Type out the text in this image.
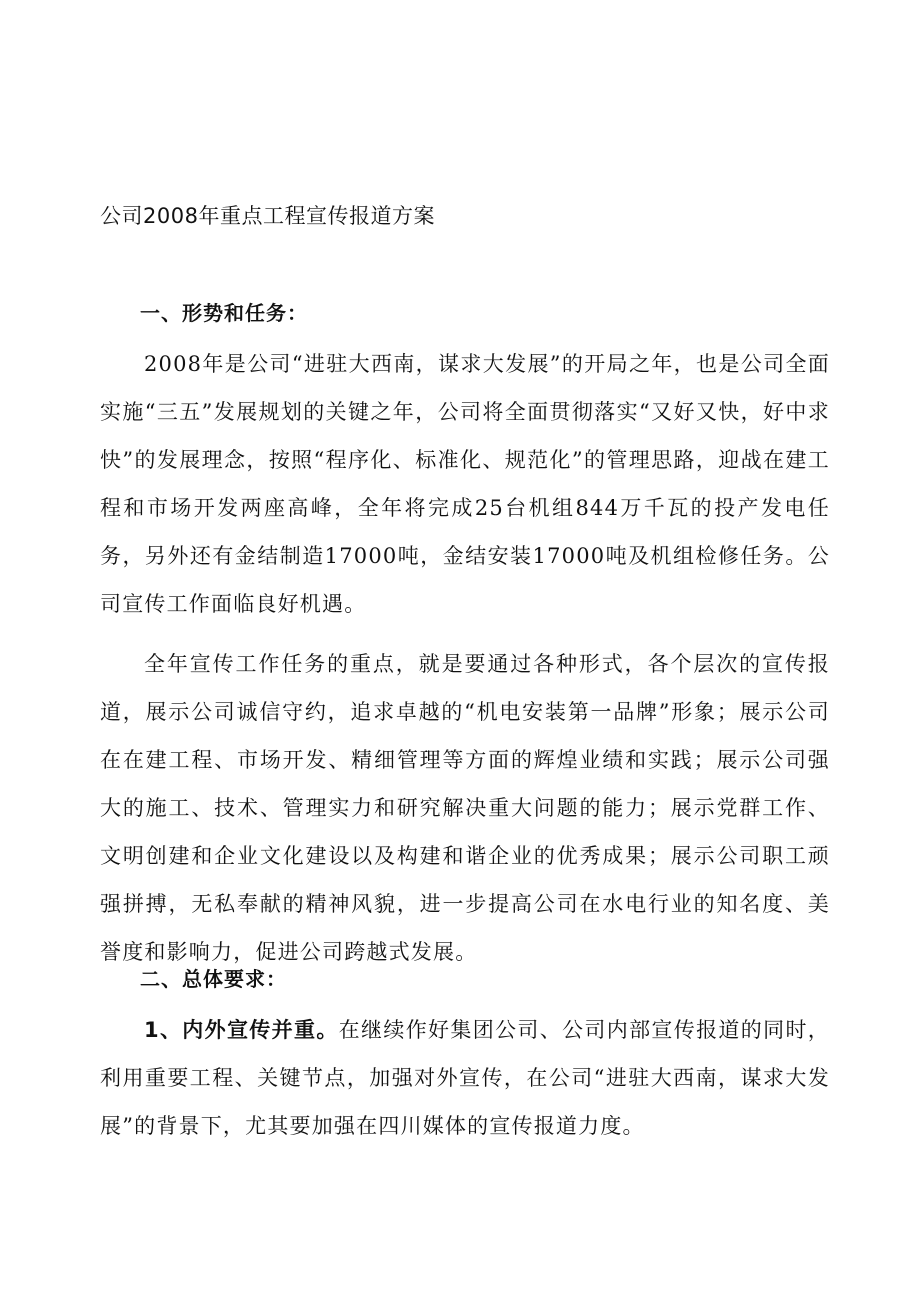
公司2008年重点工程宣传报道方案
一、形势和任务：

2008年是公司“进驻大西南，谋求大发展”的开局之年，也是公司全面实施“三五”发展规划的关键之年，公司将全面贯彻落实“又好又快，好中求快”的发展理念，按照“程序化、标准化、规范化”的管理思路，迎战在建工程和市场开发两座高峰，全年将完成25台机组844万千瓦的投产发电任务，另外还有金结制造17000吨，金结安装17000吨及机组检修任务。公司宣传工作面临良好机遇。

全年宣传工作任务的重点，就是要通过各种形式，各个层次的宣传报道，展示公司诚信守约，追求卓越的“机电安装第一品牌”形象；展示公司在在建工程、市场开发、精细管理等方面的辉煌业绩和实践；展示公司强大的施工、技术、管理实力和研究解决重大问题的能力；展示党群工作、文明创建和企业文化建设以及构建和谐企业的优秀成果；展示公司职工顽强拼搏，无私奉献的精神风貌，进一步提高公司在水电行业的知名度、美誉度和影响力，促进公司跨越式发展。

二、总体要求：

1、内外宣传并重。在继续作好集团公司、公司内部宣传报道的同时，利用重要工程、关键节点，加强对外宣传，在公司“进驻大西南，谋求大发展”的背景下，尤其要加强在四川媒体的宣传报道力度。
